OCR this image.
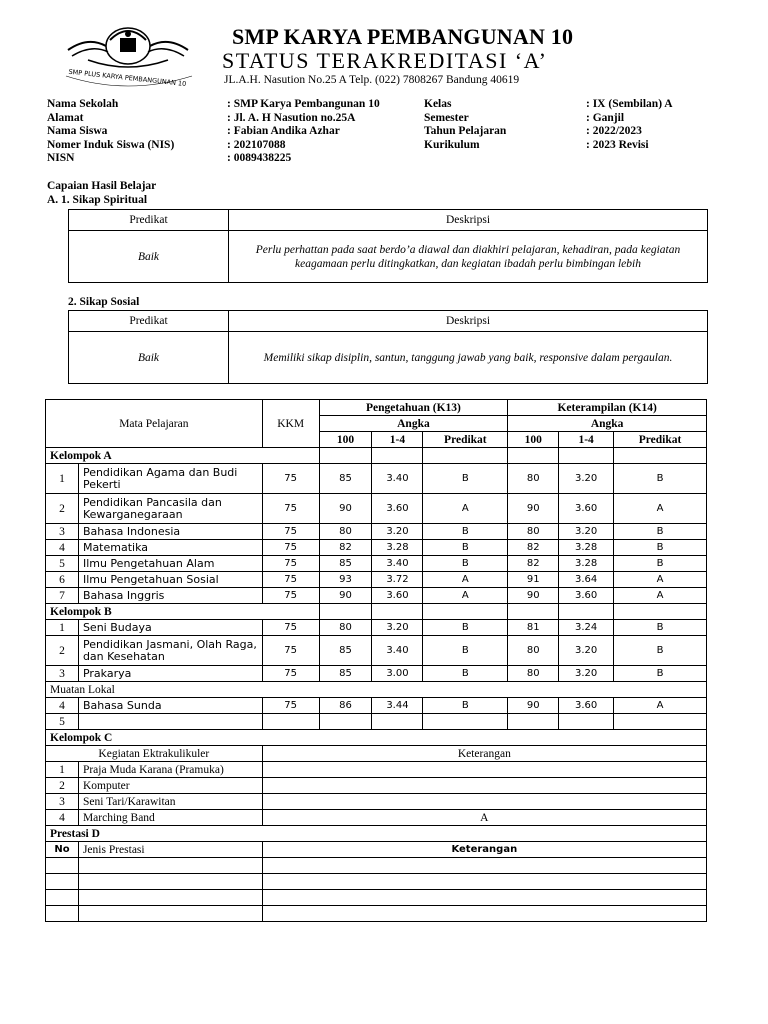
SMP PLUS KARYA PEMBANGUNAN 10
SMP KARYA PEMBANGUNAN 10
STATUS TERAKREDITASI ‘A’
JL.A.H. Nasution No.25 A Telp. (022) 7808267 Bandung 40619
Nama Sekolah	: SMP Karya Pembangunan 10
Alamat	: Jl. A. H Nasution no.25A
Nama Siswa	: Fabian Andika Azhar
Nomer Induk Siswa (NIS)	: 202107088
NISN	: 0089438225
Kelas	: IX (Sembilan) A
Semester	: Ganjil
Tahun Pelajaran	: 2022/2023
Kurikulum	: 2023 Revisi
Capaian Hasil Belajar
A. 1. Sikap Spiritual
Predikat	Deskripsi
Baik	Perlu perhattan pada saat berdo’a diawal dan diakhiri pelajaran, kehadiran, pada kegiatan keagamaan perlu ditingkatkan, dan kegiatan ibadah perlu bimbingan lebih
2. Sikap Sosial
Predikat	Deskripsi
Baik	Memiliki sikap disiplin, santun, tanggung jawab yang baik, responsive dalam pergaulan.
Mata Pelajaran		KKM	Pengetahuan (K13)			Keterampilan (K14)		
			Angka			Angka		
			100	1-4	Predikat	100	1-4	Predikat
Kelompok A								
1	Pendidikan Agama dan Budi Pekerti	75	85	3.40	B	80	3.20	B
2	Pendidikan Pancasila dan Kewarganegaraan	75	90	3.60	A	90	3.60	A
3	Bahasa Indonesia	75	80	3.20	B	80	3.20	B
4	Matematika	75	82	3.28	B	82	3.28	B
5	Ilmu Pengetahuan Alam	75	85	3.40	B	82	3.28	B
6	Ilmu Pengetahuan Sosial	75	93	3.72	A	91	3.64	A
7	Bahasa Inggris	75	90	3.60	A	90	3.60	A
Kelompok B								
1	Seni Budaya	75	80	3.20	B	81	3.24	B
2	Pendidikan Jasmani, Olah Raga, dan Kesehatan	75	85	3.40	B	80	3.20	B
3	Prakarya	75	85	3.00	B	80	3.20	B
Muatan Lokal								
4	Bahasa Sunda	75	86	3.44	B	90	3.60	A
5								
Kelompok C								
Kegiatan Ektrakulikuler		Keterangan						
1	Praja Muda Karana (Pramuka)							
2	Komputer							
3	Seni Tari/Karawitan							
4	Marching Band	A						
Prestasi D								
No	Jenis Prestasi	Keterangan						
